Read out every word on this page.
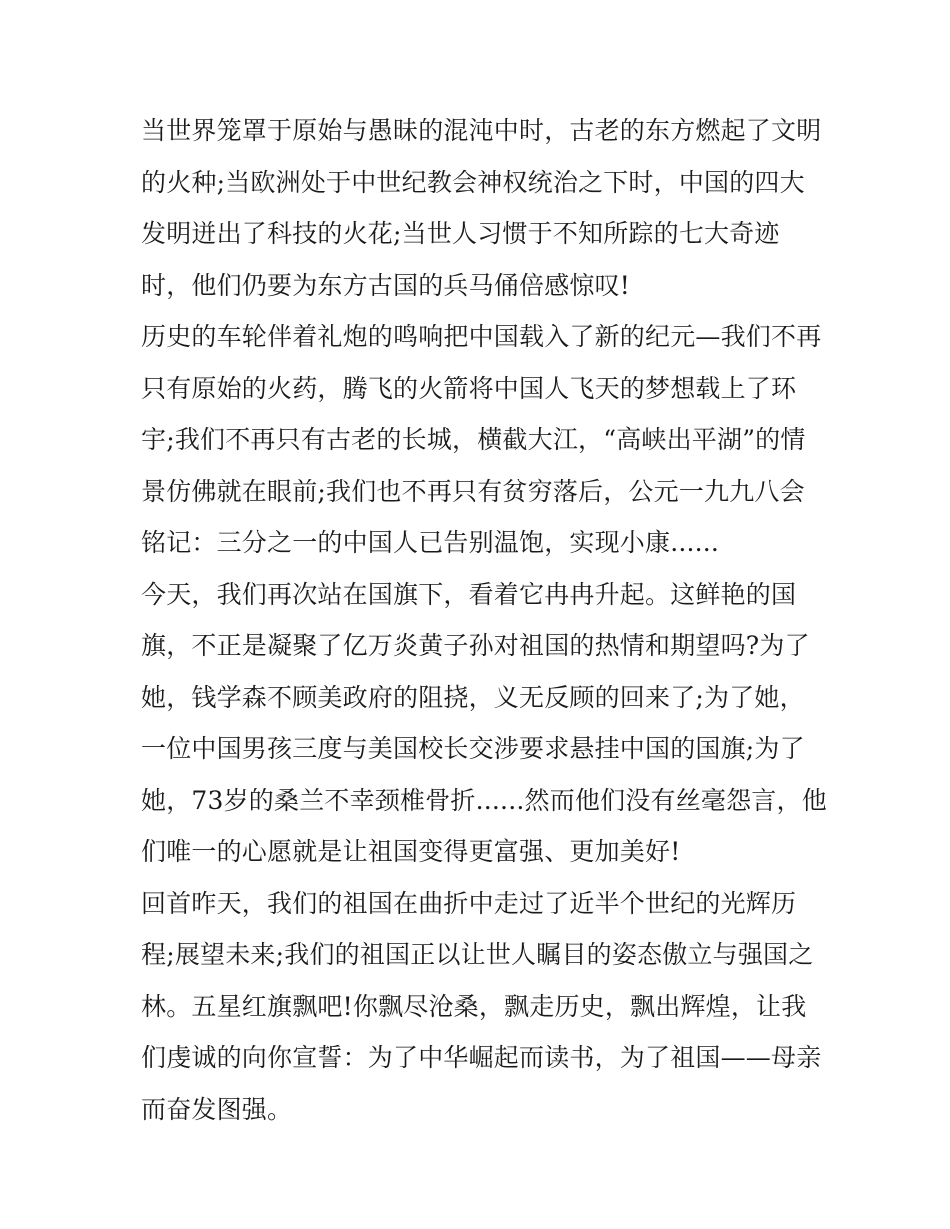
当世界笼罩于原始与愚昧的混沌中时，古老的东方燃起了文明
的火种;当欧洲处于中世纪教会神权统治之下时，中国的四大
发明迸出了科技的火花;当世人习惯于不知所踪的七大奇迹
时，他们仍要为东方古国的兵马俑倍感惊叹!
历史的车轮伴着礼炮的鸣响把中国载入了新的纪元—我们不再
只有原始的火药，腾飞的火箭将中国人飞天的梦想载上了环
宇;我们不再只有古老的长城，横截大江，“高峡出平湖”的情
景仿佛就在眼前;我们也不再只有贫穷落后，公元一九九八会
铭记：三分之一的中国人已告别温饱，实现小康......
今天，我们再次站在国旗下，看着它冉冉升起。这鲜艳的国
旗，不正是凝聚了亿万炎黄子孙对祖国的热情和期望吗?为了
她，钱学森不顾美政府的阻挠，义无反顾的回来了;为了她，
一位中国男孩三度与美国校长交涉要求悬挂中国的国旗;为了
她，73岁的桑兰不幸颈椎骨折......然而他们没有丝毫怨言，他
们唯一的心愿就是让祖国变得更富强、更加美好!
回首昨天，我们的祖国在曲折中走过了近半个世纪的光辉历
程;展望未来;我们的祖国正以让世人瞩目的姿态傲立与强国之
林。五星红旗飘吧!你飘尽沧桑，飘走历史，飘出辉煌，让我
们虔诚的向你宣誓：为了中华崛起而读书，为了祖国——母亲
而奋发图强。
